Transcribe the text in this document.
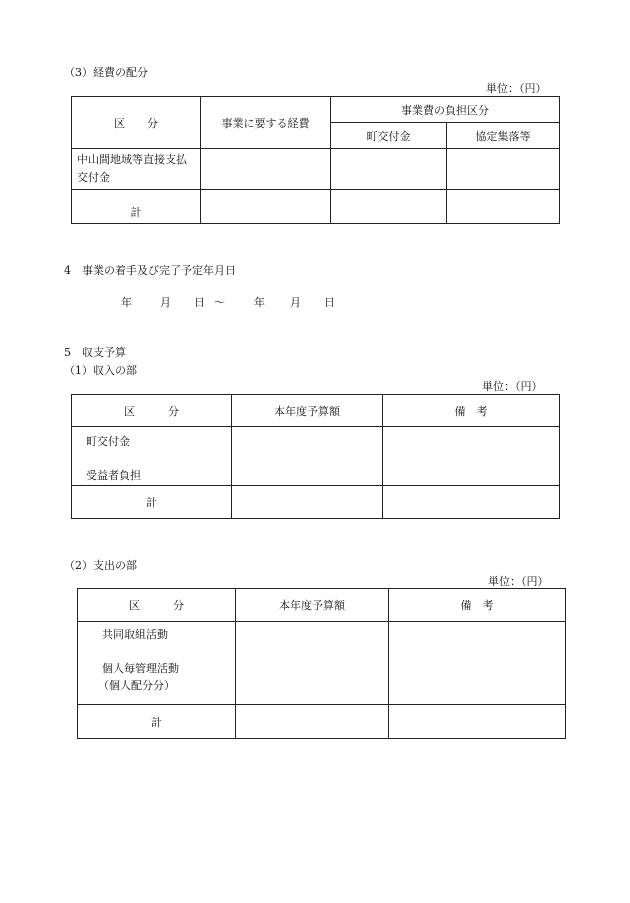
（3）経費の配分
単位：（円）
区　　分	事業に要する経費	事業費の負担区分	
		町交付金	協定集落等

中山間地域等直接支払
交付金			

計			
4　事業の着手及び完了予定年月日
年	月 日 ～	年 月 日
5　収支予算
（1）収入の部
単位：（円）
区　　　分	本年度予算額	備　考

町交付金
受益者負担		

計		
（2）支出の部
単位：（円）
区　　　分	本年度予算額	備　考

共同取組活動
個人毎管理活動
（個人配分分）		

計		
